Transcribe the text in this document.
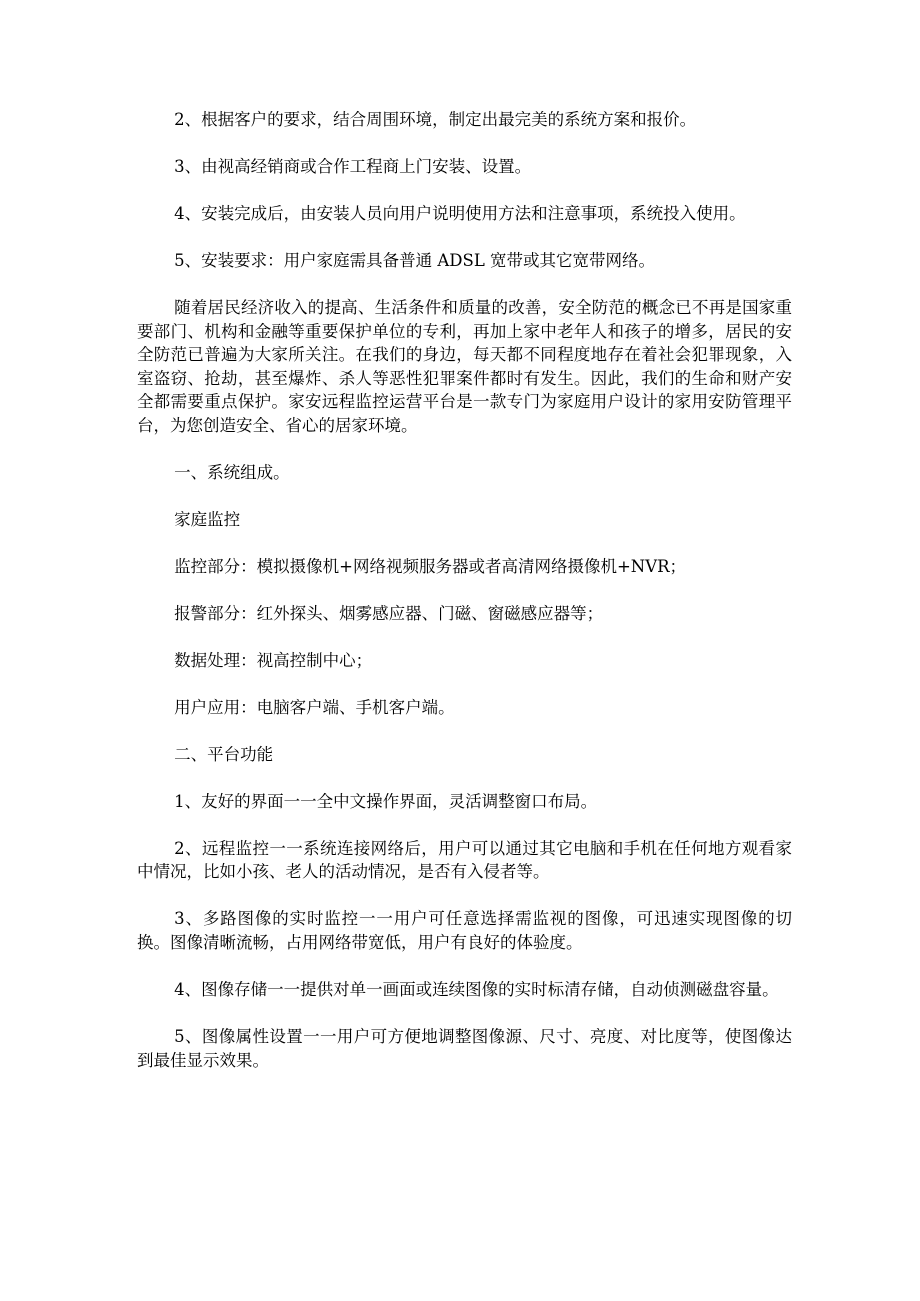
2、根据客户的要求，结合周围环境，制定出最完美的系统方案和报价。

3、由视高经销商或合作工程商上门安装、设置。

4、安装完成后，由安装人员向用户说明使用方法和注意事项，系统投入使用。

5、安装要求：用户家庭需具备普通 ADSL 宽带或其它宽带网络。

随着居民经济收入的提高、生活条件和质量的改善，安全防范的概念已不再是国家重要部门、机构和金融等重要保护单位的专利，再加上家中老年人和孩子的增多，居民的安全防范已普遍为大家所关注。在我们的身边，每天都不同程度地存在着社会犯罪现象，入室盗窃、抢劫，甚至爆炸、杀人等恶性犯罪案件都时有发生。因此，我们的生命和财产安全都需要重点保护。家安远程监控运营平台是一款专门为家庭用户设计的家用安防管理平台，为您创造安全、省心的居家环境。

一、系统组成。

家庭监控

监控部分：模拟摄像机+网络视频服务器或者高清网络摄像机+NVR；

报警部分：红外探头、烟雾感应器、门磁、窗磁感应器等；

数据处理：视高控制中心；

用户应用：电脑客户端、手机客户端。

二、平台功能

1、友好的界面一一全中文操作界面，灵活调整窗口布局。

2、远程监控一一系统连接网络后，用户可以通过其它电脑和手机在任何地方观看家中情况，比如小孩、老人的活动情况，是否有入侵者等。

3、多路图像的实时监控一一用户可任意选择需监视的图像，可迅速实现图像的切换。图像清晰流畅，占用网络带宽低，用户有良好的体验度。

4、图像存储一一提供对单一画面或连续图像的实时标清存储，自动侦测磁盘容量。

5、图像属性设置一一用户可方便地调整图像源、尺寸、亮度、对比度等，使图像达到最佳显示效果。
